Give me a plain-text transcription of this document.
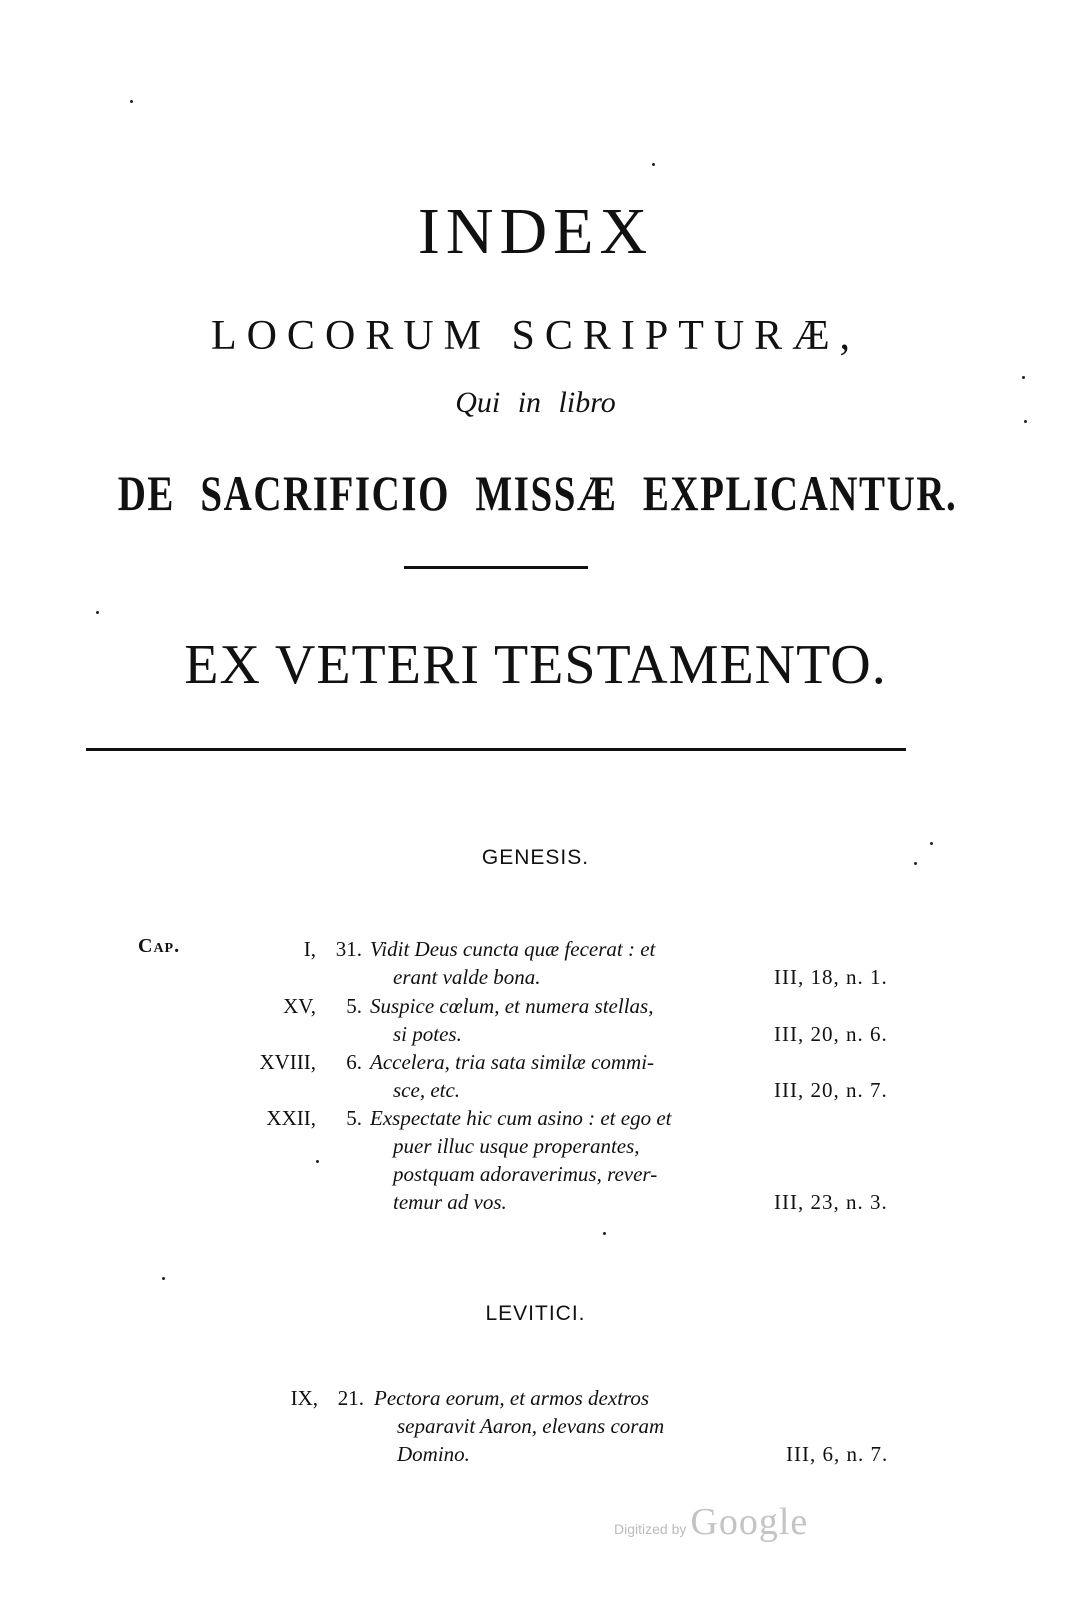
INDEX
LOCORUM SCRIPTURÆ,
Qui in libro
DE SACRIFICIO MISSÆ EXPLICANTUR.
EX VETERI TESTAMENTO.
GENESIS.
Cap.	I, 31. Vidit Deus cuncta quæ fecerat : et
erant valde bona.	III, 18, n. 1.
XV,	5. Suspice cœlum, et numera stellas,
si potes.	III, 20, n. 6.
XVIII,	6. Accelera, tria sata similæ commi-
sce, etc.	III, 20, n. 7.
XXII,	5. Exspectate hic cum asino : et ego et
puer illuc usque properantes,
postquam adoraverimus, rever-
temur ad vos.	III, 23, n. 3.
LEVITICI.
IX, 21. Pectora eorum, et armos dextros
separavit Aaron, elevans coram
Domino.	III, 6, n. 7.
Digitized by Google
